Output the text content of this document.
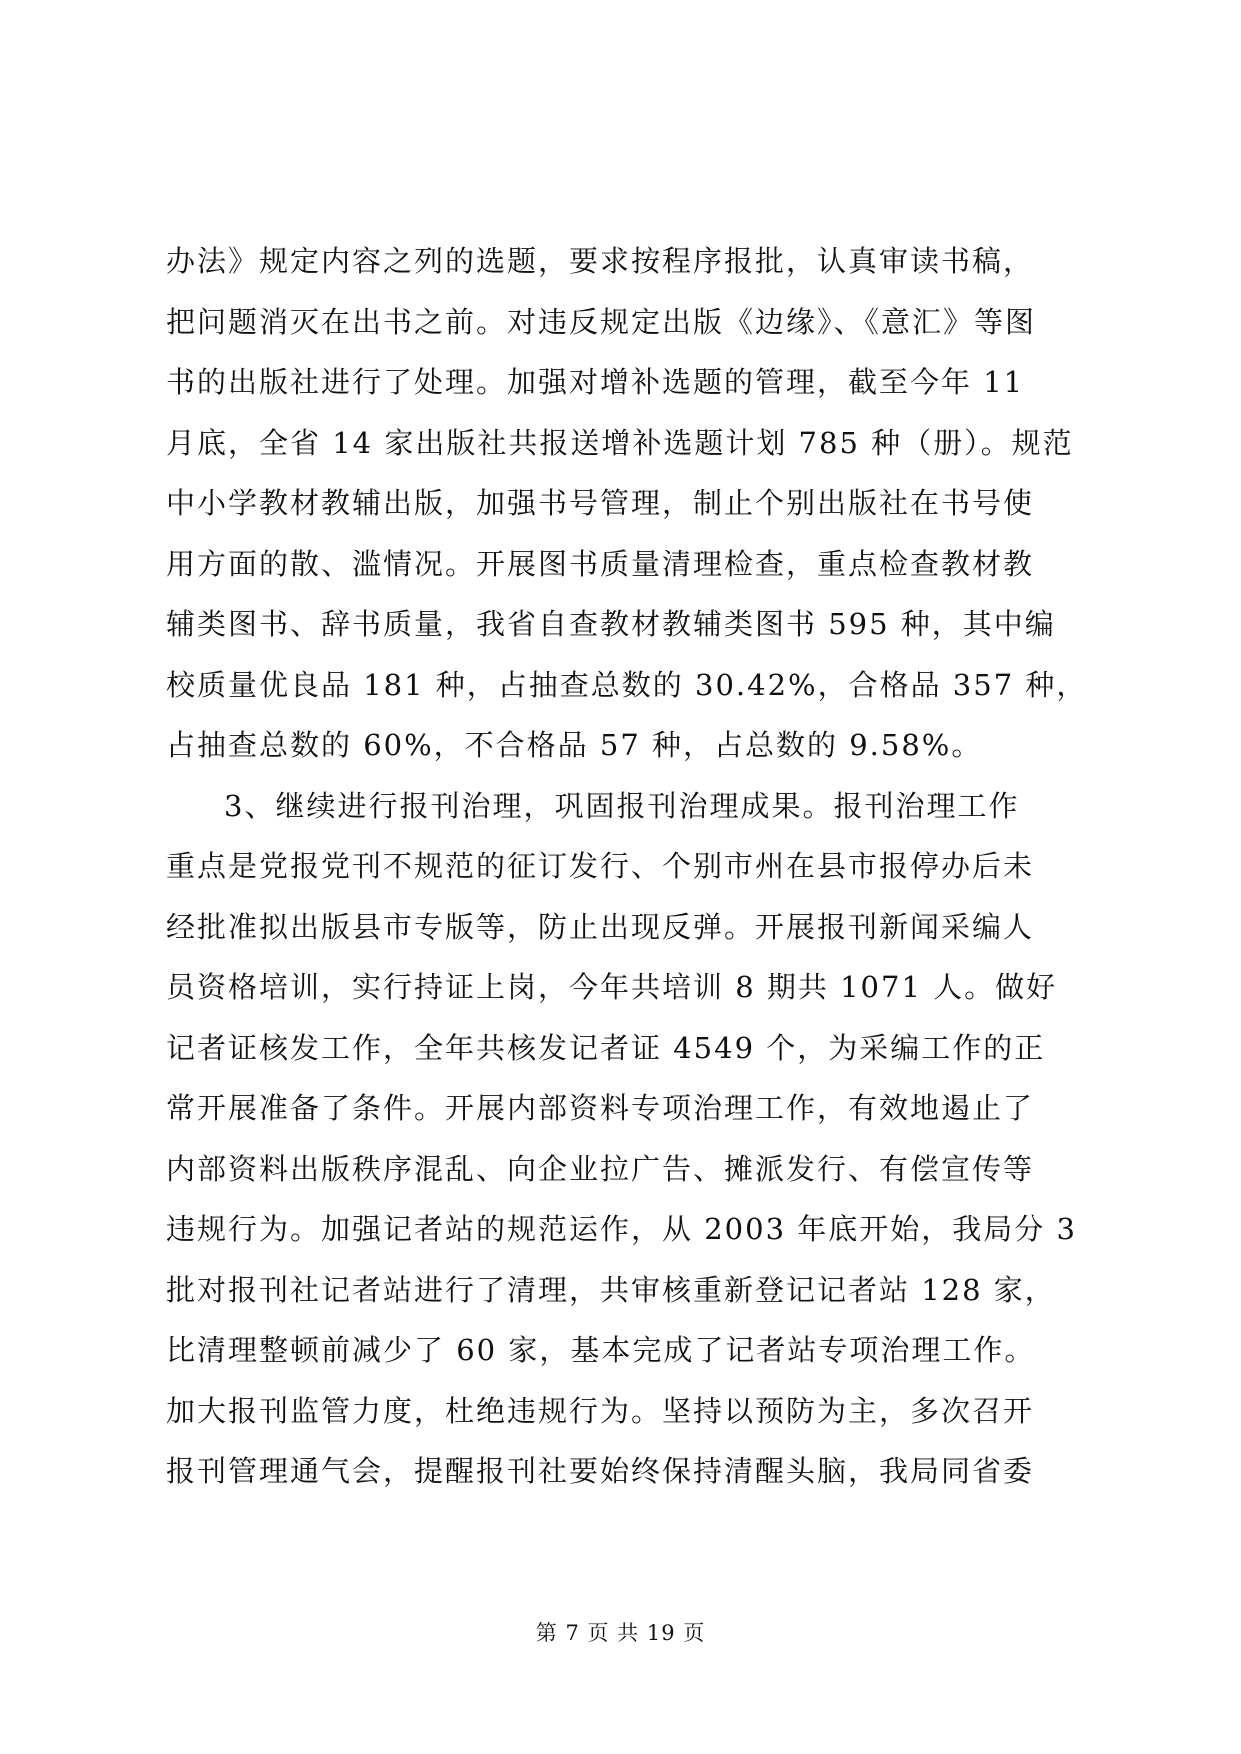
办法》规定内容之列的选题，要求按程序报批，认真审读书稿，
把问题消灭在出书之前。对违反规定出版《边缘》、《意汇》等图
书的出版社进行了处理。加强对增补选题的管理，截至今年 11
月底，全省 14 家出版社共报送增补选题计划 785 种（册）。规范
中小学教材教辅出版，加强书号管理，制止个别出版社在书号使
用方面的散、滥情况。开展图书质量清理检查，重点检查教材教
辅类图书、辞书质量，我省自查教材教辅类图书 595 种，其中编
校质量优良品 181 种，占抽查总数的 30.42%，合格品 357 种，
占抽查总数的 60%，不合格品 57 种，占总数的 9.58%。
3、继续进行报刊治理，巩固报刊治理成果。报刊治理工作
重点是党报党刊不规范的征订发行、个别市州在县市报停办后未
经批准拟出版县市专版等，防止出现反弹。开展报刊新闻采编人
员资格培训，实行持证上岗，今年共培训 8 期共 1071 人。做好
记者证核发工作，全年共核发记者证 4549 个，为采编工作的正
常开展准备了条件。开展内部资料专项治理工作，有效地遏止了
内部资料出版秩序混乱、向企业拉广告、摊派发行、有偿宣传等
违规行为。加强记者站的规范运作，从 2003 年底开始，我局分 3
批对报刊社记者站进行了清理，共审核重新登记记者站 128 家，
比清理整顿前减少了 60 家，基本完成了记者站专项治理工作。
加大报刊监管力度，杜绝违规行为。坚持以预防为主，多次召开
报刊管理通气会，提醒报刊社要始终保持清醒头脑，我局同省委
第 7 页 共 19 页
